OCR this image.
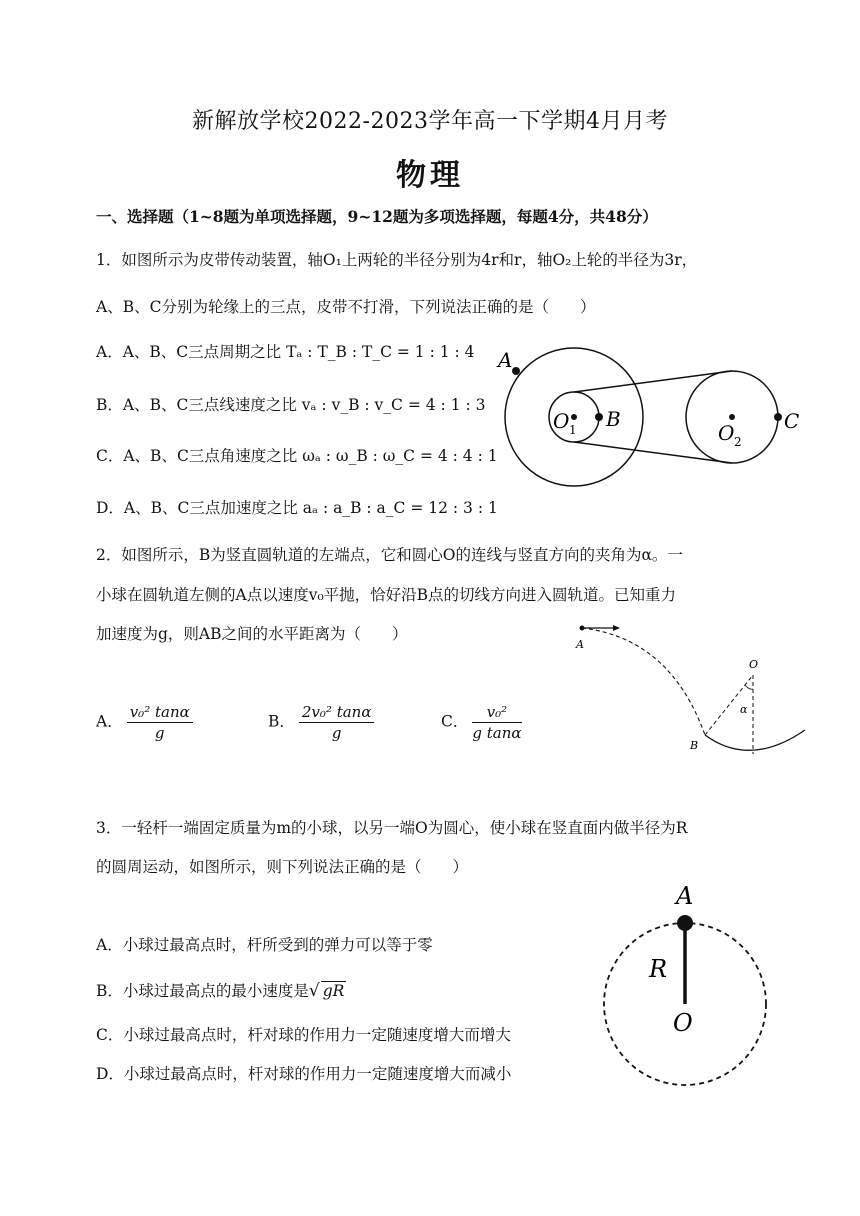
新解放学校2022-2023学年高一下学期4月月考
物理
一、选择题（1~8题为单项选择题，9~12题为多项选择题，每题4分，共48分）
1．如图所示为皮带传动装置，轴O₁上两轮的半径分别为4r和r，轴O₂上轮的半径为3r，
A、B、C分别为轮缘上的三点，皮带不打滑，下列说法正确的是（　　）
A．A、B、C三点周期之比 Tₐ : T_B : T_C = 1 : 1 : 4
B．A、B、C三点线速度之比 vₐ : v_B : v_C = 4 : 1 : 3
C．A、B、C三点角速度之比 ωₐ : ω_B : ω_C = 4 : 4 : 1
D．A、B、C三点加速度之比 aₐ : a_B : a_C = 12 : 3 : 1
A
B	C
O 1	O 2
2．如图所示，B为竖直圆轨道的左端点，它和圆心O的连线与竖直方向的夹角为α。一
小球在圆轨道左侧的A点以速度v₀平抛，恰好沿B点的切线方向进入圆轨道。已知重力
加速度为g，则AB之间的水平距离为（　　）
A． $\frac{\text{v₀² tanα}}{g}$	B． $\frac{\text{2v₀² tanα}}{g}$	C． $\frac{\text{v₀²}}{\text{g tanα}}$
A
B
O
α
3．一轻杆一端固定质量为m的小球，以另一端O为圆心，使小球在竖直面内做半径为R
的圆周运动，如图所示，则下列说法正确的是（　　）
A．小球过最高点时，杆所受到的弹力可以等于零
B．小球过最高点的最小速度是√ gR
C．小球过最高点时，杆对球的作用力一定随速度增大而增大
D．小球过最高点时，杆对球的作用力一定随速度增大而减小
A
R
O
